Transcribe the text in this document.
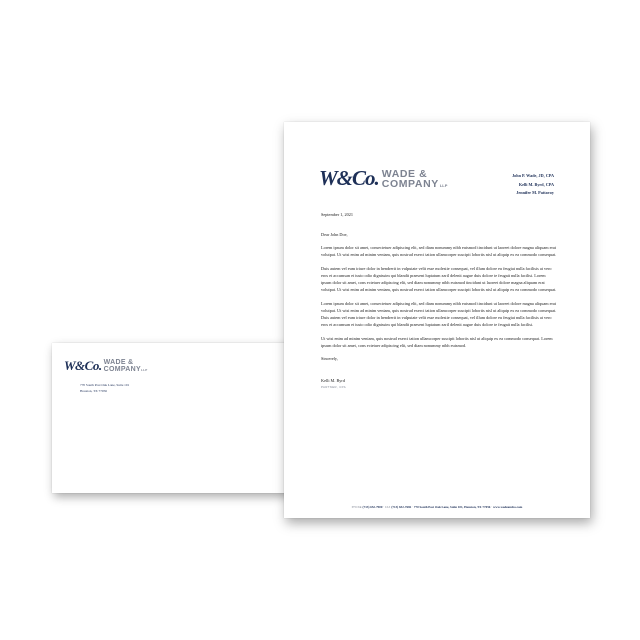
W&Co. WADE &
COMPANYLLP
770 South Post Oak Lane, Suite 101
Houston, TX 77056
W&Co. WADE &
COMPANYLLP
John P. Wade, JD, CPA
Kelli M. Byrd, CPA
Jennifer M. Pattavoy

September 1, 2021

Dear John Doe,

Lorem ipsum dolor sit amet, consectetuer adipiscing elit, sed diam nonummy nibh euismod tincidunt ut laoreet dolore magna aliquam erat volutpat. Ut wisi enim ad minim veniam, quis nostrud exerci tation ullamcorper suscipit lobortis nisl ut aliquip ex ea commodo consequat.

Duis autem vel eum iriure dolor in hendrerit in vulputate velit esse molestie consequat, vel illum dolore eu feugiat nulla facilisis at vero eros et accumsan et iusto odio dignissim qui blandit praesent luptatum zzril delenit augue duis dolore te feugait nulla facilisi. Lorem ipsum dolor sit amet, cons ectetuer adipiscing elit, sed diam nonummy nibh euismod tincidunt ut laoreet dolore magna aliquam erat volutpat. Ut wisi enim ad minim veniam, quis nostrud exerci tation ullamcorper suscipit lobortis nisl ut aliquip ex ea commodo consequat.

Lorem ipsum dolor sit amet, consectetuer adipiscing elit, sed diam nonummy nibh euismod tincidunt ut laoreet dolore magna aliquam erat volutpat. Ut wisi enim ad minim veniam, quis nostrud exerci tation ullamcorper suscipit lobortis nisl ut aliquip ex ea commodo consequat. Duis autem vel eum iriure dolor in hendrerit in vulputate velit esse molestie consequat, vel illum dolore eu feugiat nulla facilisis at vero eros et accumsan et iusto odio dignissim qui blandit praesent luptatum zzril delenit augue duis dolore te feugait nulla facilisi.

Ut wisi enim ad minim veniam, quis nostrud exerci tation ullamcorper suscipit lobortis nisl ut aliquip ex ea commodo consequat. Lorem ipsum dolor sit amet, cons ectetuer adipiscing elit, sed diam nonummy nibh euismod.

Sincerely,

Kelli M. Byrd

PARTNER, CPA

PHONE (713) 652-7900 · FAX (713) 652-7682 · 770 South Post Oak Lane, Suite 101, Houston, TX 77056 · www.wadeandco.com
